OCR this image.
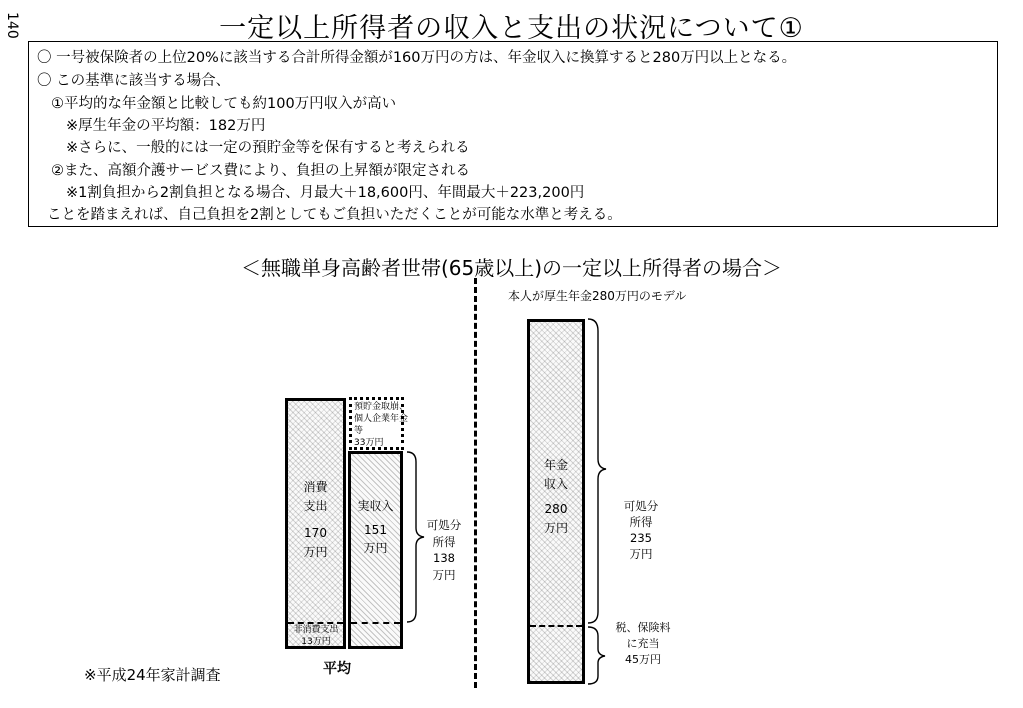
140	一定以上所得者の収入と支出の状況について①
〇 一号被保険者の上位20%に該当する合計所得金額が160万円の方は、年金収入に換算すると280万円以上となる。
〇 この基準に該当する場合、
①平均的な年金額と比較しても約100万円収入が高い
※厚生年金の平均額：182万円
※さらに、一般的には一定の預貯金等を保有すると考えられる
②また、高額介護サービス費により、負担の上昇額が限定される
※1割負担から2割負担となる場合、月最大＋18,600円、年間最大＋223,200円
ことを踏まえれば、自己負担を2割としてもご負担いただくことが可能な水準と考える。
＜無職単身高齢者世帯(65歳以上)の一定以上所得者の場合＞
消費
支出
170
万円
非消費支出
13万円
預貯金取崩、
個人企業年金等
33万円
実収入
151
万円
可処分
所得
138
万円
平均
※平成24年家計調査
本人が厚生年金280万円のモデル
年金
収入
280
万円
可処分
所得
235
万円
税、保険料
に充当
45万円
